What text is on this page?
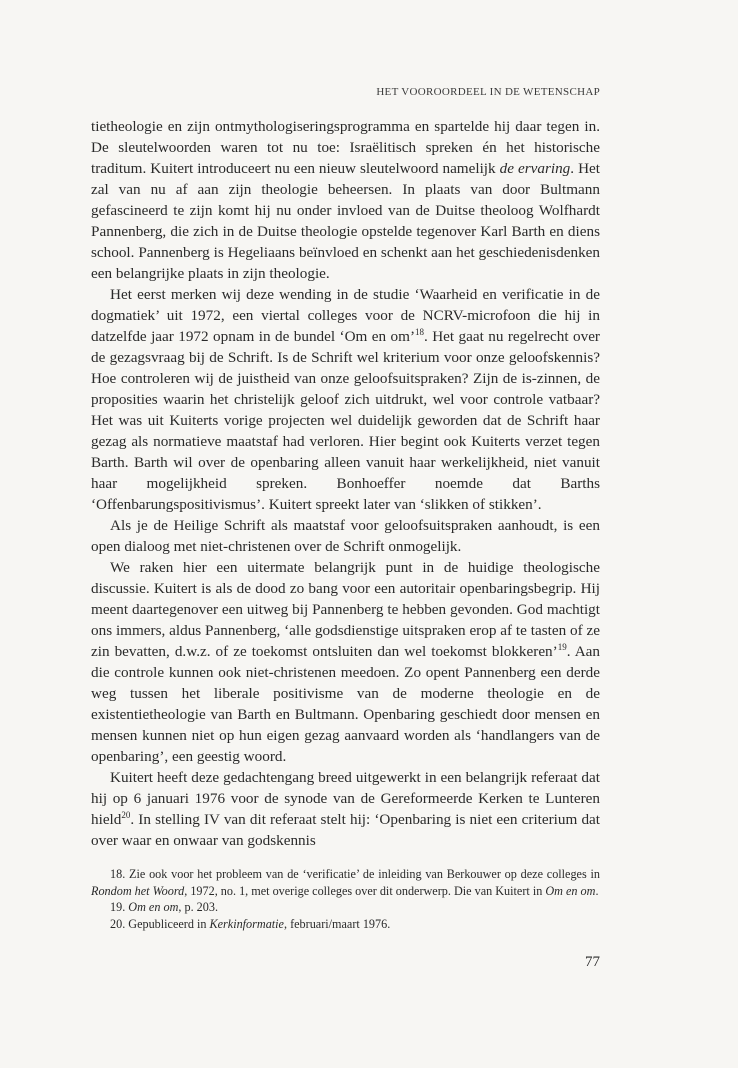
HET VOOROORDEEL IN DE WETENSCHAP

tietheologie en zijn ontmythologiseringsprogramma en spartelde hij daar tegen in. De sleutelwoorden waren tot nu toe: Israëlitisch spreken én het historische traditum. Kuitert introduceert nu een nieuw sleutelwoord namelijk de ervaring. Het zal van nu af aan zijn theologie beheersen. In plaats van door Bultmann gefascineerd te zijn komt hij nu onder invloed van de Duitse theoloog Wolfhardt Pannenberg, die zich in de Duitse theologie opstelde tegenover Karl Barth en diens school. Pannenberg is Hegeliaans beïnvloed en schenkt aan het geschiedenisdenken een belangrijke plaats in zijn theologie.

Het eerst merken wij deze wending in de studie ‘Waarheid en verificatie in de dogmatiek’ uit 1972, een viertal colleges voor de NCRV-microfoon die hij in datzelfde jaar 1972 opnam in de bundel ‘Om en om’$^{18}$. Het gaat nu regelrecht over de gezagsvraag bij de Schrift. Is de Schrift wel kriterium voor onze geloofskennis? Hoe controleren wij de juistheid van onze geloofsuitspraken? Zijn de is-zinnen, de proposities waarin het christelijk geloof zich uitdrukt, wel voor controle vatbaar? Het was uit Kuiterts vorige projecten wel duidelijk geworden dat de Schrift haar gezag als normatieve maatstaf had verloren. Hier begint ook Kuiterts verzet tegen Barth. Barth wil over de openbaring alleen vanuit haar werkelijkheid, niet vanuit haar mogelijkheid spreken. Bonhoeffer noemde dat Barths ‘Offenbarungspositivismus’. Kuitert spreekt later van ‘slikken of stikken’.

Als je de Heilige Schrift als maatstaf voor geloofsuitspraken aanhoudt, is een open dialoog met niet-christenen over de Schrift onmogelijk.

We raken hier een uitermate belangrijk punt in de huidige theologische discussie. Kuitert is als de dood zo bang voor een autoritair openbaringsbegrip. Hij meent daartegenover een uitweg bij Pannenberg te hebben gevonden. God machtigt ons immers, aldus Pannenberg, ‘alle godsdienstige uitspraken erop af te tasten of ze zin bevatten, d.w.z. of ze toekomst ontsluiten dan wel toekomst blokkeren’$^{19}$. Aan die controle kunnen ook niet-christenen meedoen. Zo opent Pannenberg een derde weg tussen het liberale positivisme van de moderne theologie en de existentietheologie van Barth en Bultmann. Openbaring geschiedt door mensen en mensen kunnen niet op hun eigen gezag aanvaard worden als ‘handlangers van de openbaring’, een geestig woord.

Kuitert heeft deze gedachtengang breed uitgewerkt in een belangrijk referaat dat hij op 6 januari 1976 voor de synode van de Gereformeerde Kerken te Lunteren hield$^{20}$. In stelling IV van dit referaat stelt hij: ‘Openbaring is niet een criterium dat over waar en onwaar van godskennis

18. Zie ook voor het probleem van de ‘verificatie’ de inleiding van Berkouwer op deze colleges in Rondom het Woord, 1972, no. 1, met overige colleges over dit onderwerp. Die van Kuitert in Om en om.

19. Om en om, p. 203.

20. Gepubliceerd in Kerkinformatie, februari/maart 1976.

77
